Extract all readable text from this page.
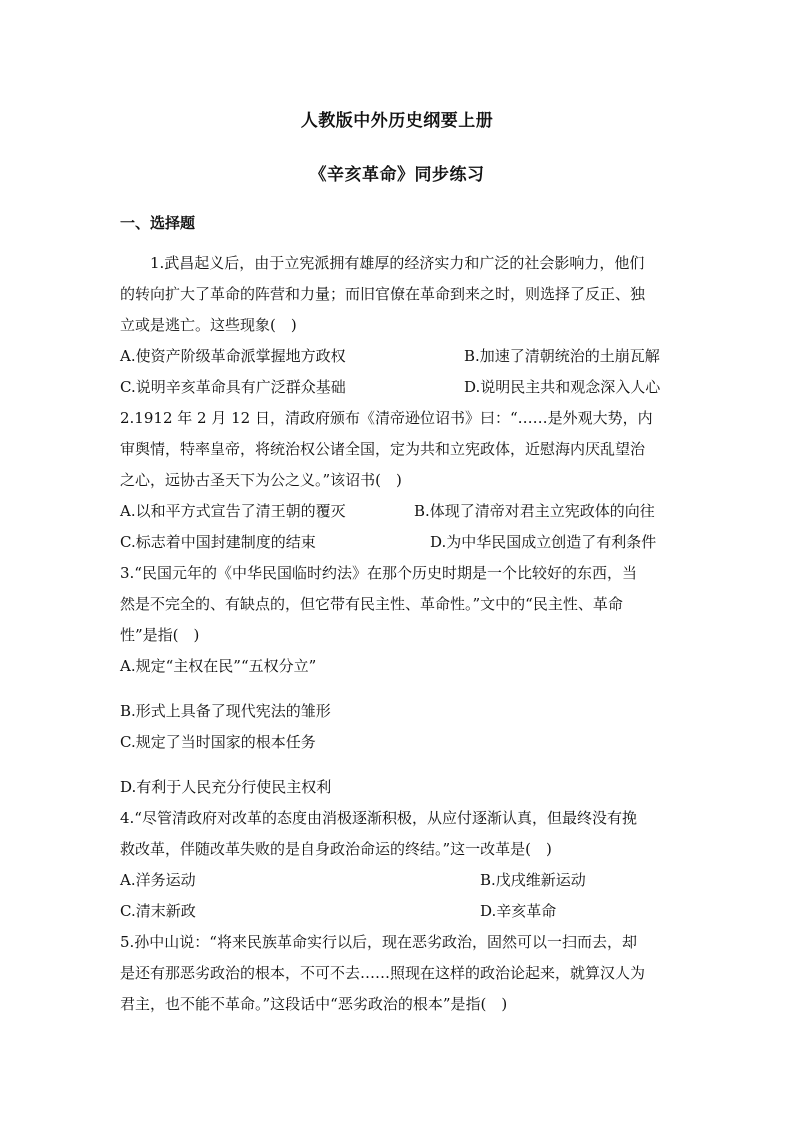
人教版中外历史纲要上册
《辛亥革命》同步练习
一、选择题
　　1.武昌起义后，由于立宪派拥有雄厚的经济实力和广泛的社会影响力，他们
的转向扩大了革命的阵营和力量；而旧官僚在革命到来之时，则选择了反正、独
立或是逃亡。这些现象(　)
A.使资产阶级革命派掌握地方政权	B.加速了清朝统治的土崩瓦解
C.说明辛亥革命具有广泛群众基础	D.说明民主共和观念深入人心
2.1912 年 2 月 12 日，清政府颁布《清帝逊位诏书》曰：“……是外观大势，内
审舆情，特率皇帝，将统治权公诸全国，定为共和立宪政体，近慰海内厌乱望治
之心，远协古圣天下为公之义。”该诏书(　)
A.以和平方式宣告了清王朝的覆灭	B.体现了清帝对君主立宪政体的向往
C.标志着中国封建制度的结束	D.为中华民国成立创造了有利条件
3.“民国元年的《中华民国临时约法》在那个历史时期是一个比较好的东西，当
然是不完全的、有缺点的，但它带有民主性、革命性。”文中的“民主性、革命
性”是指(　)
A.规定“主权在民”“五权分立”
B.形式上具备了现代宪法的雏形
C.规定了当时国家的根本任务
D.有利于人民充分行使民主权利
4.“尽管清政府对改革的态度由消极逐渐积极，从应付逐渐认真，但最终没有挽
救改革，伴随改革失败的是自身政治命运的终结。”这一改革是(　)
A.洋务运动	B.戊戌维新运动
C.清末新政	D.辛亥革命
5.孙中山说：“将来民族革命实行以后，现在恶劣政治，固然可以一扫而去，却
是还有那恶劣政治的根本，不可不去……照现在这样的政治论起来，就算汉人为
君主，也不能不革命。”这段话中“恶劣政治的根本”是指(　)
